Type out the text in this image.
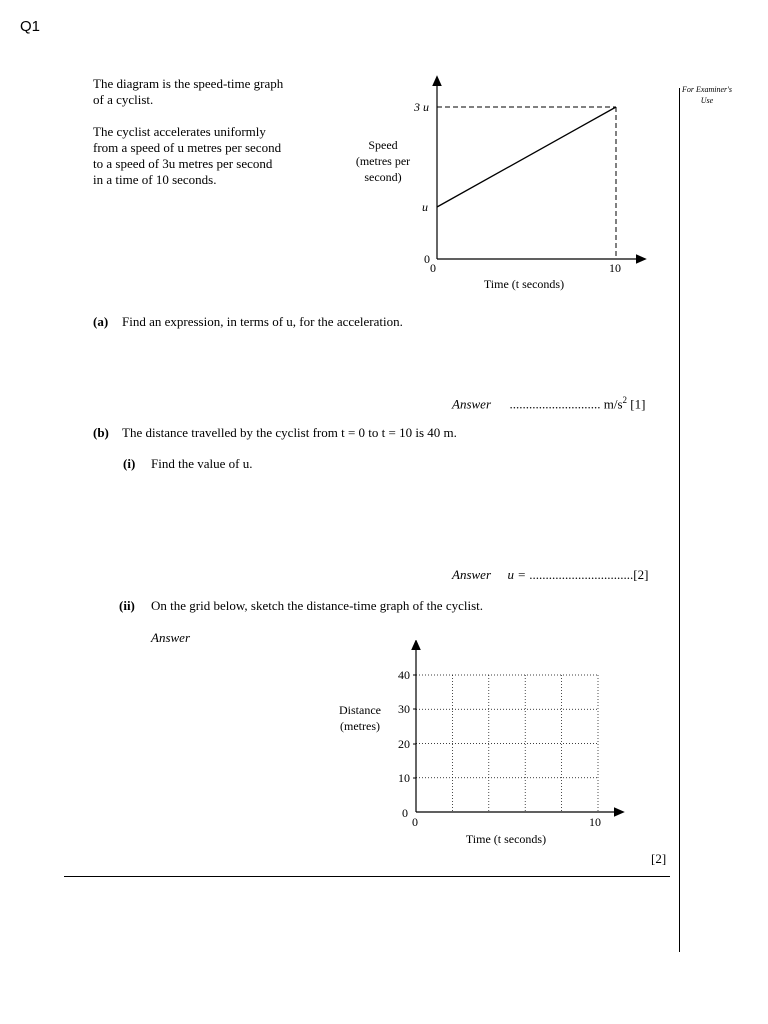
Q1
For Examiner's Use
The diagram is the speed-time graph
of a cyclist.
The cyclist accelerates uniformly
from a speed of u metres per second
to a speed of 3u metres per second
in a time of 10 seconds.
3 u
u
0
0	10
Speed
(metres per
second)
Time (t seconds)
(a) Find an expression, in terms of u, for the acceleration.
Answer ............................ $m/s^2$ [1]
(b) The distance travelled by the cyclist from t = 0 to t = 10 is 40 m.
(i) Find the value of u.
Answer u = ................................[2]
(ii) On the grid below, sketch the distance-time graph of the cyclist.
Answer
40
30
20
10
0
0	10
Distance
(metres)
Time (t seconds)
[2]
